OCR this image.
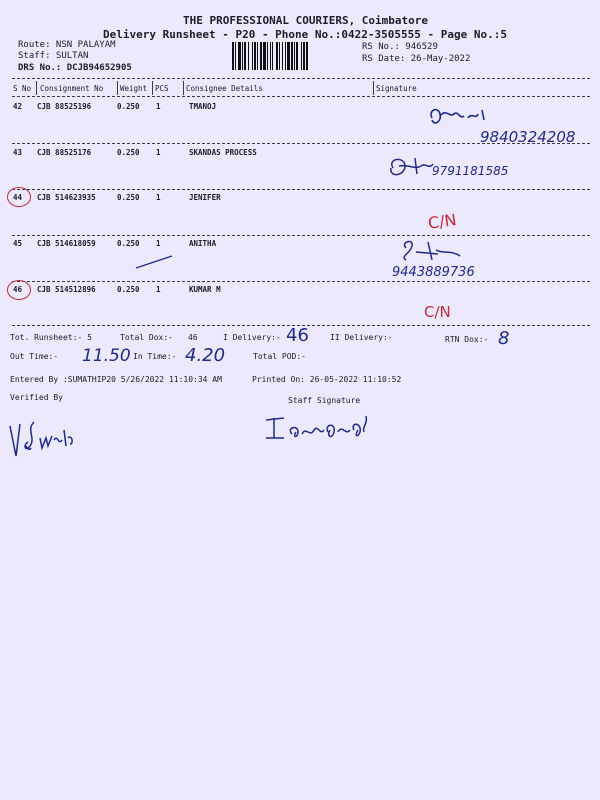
THE PROFESSIONAL COURIERS, Coimbatore
Delivery Runsheet - P20 - Phone No.:0422-3505555 - Page No.:5
Route: NSN PALAYAM
Staff: SULTAN
DRS No.: DCJB94652905
RS No.: 946529
RS Date: 26-May-2022
S No Consignment No Weight PCS Consignee Details	Signature
42 CJB 88525196	0.250 1	TMANOJ
9840324208
43 CJB 88525176	0.250 1	SKANDAS PROCESS
9791181585
44 CJB 514623935	0.250 1	JENIFER
C/N
45 CJB 514618059	0.250 1	ANITHA
9443889736
46 CJB 514512896	0.250 1	KUMAR M
C/N
Tot. Runsheet:- 5	Total Dox:- 46	I Delivery:- 46	II Delivery:-	RTN Dox:- 8
Out Time:- 11.50 In Time:- 4.20	Total POD:-
Entered By :SUMATHIP20 5/26/2022 11:10:34 AM	Printed On: 26-05-2022 11:10:52
Verified By	Staff Signature
